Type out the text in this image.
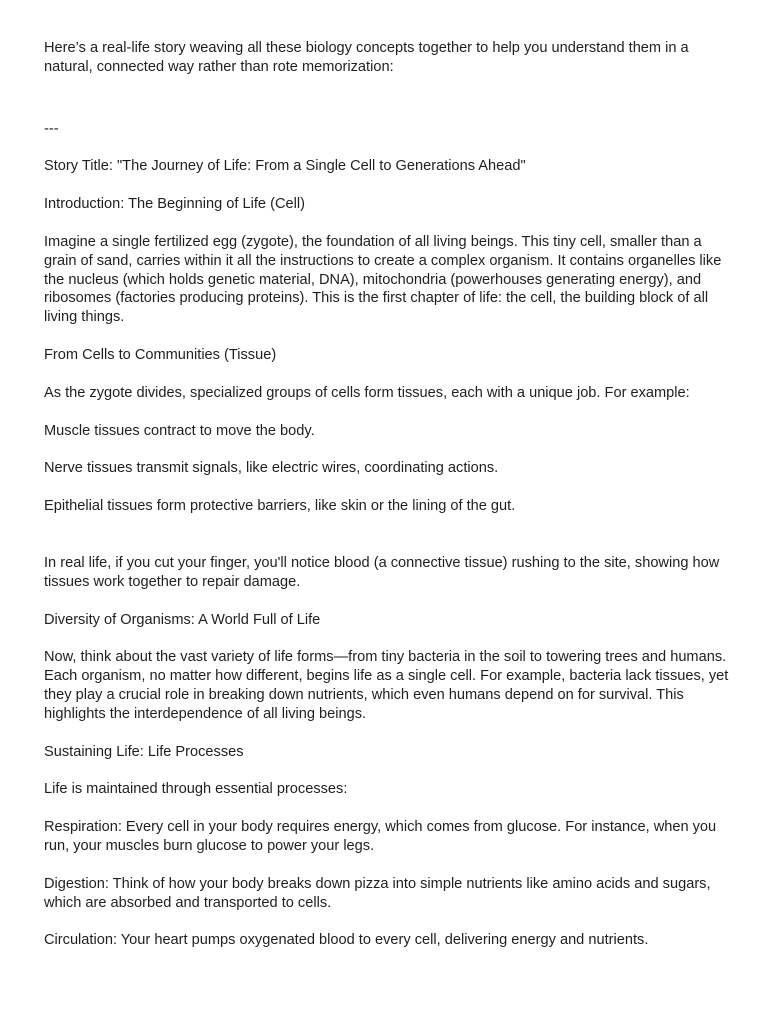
Here’s a real-life story weaving all these biology concepts together to help you understand them in a natural, connected way rather than rote memorization:

---

Story Title: "The Journey of Life: From a Single Cell to Generations Ahead"

Introduction: The Beginning of Life (Cell)

Imagine a single fertilized egg (zygote), the foundation of all living beings. This tiny cell, smaller than a grain of sand, carries within it all the instructions to create a complex organism. It contains organelles like the nucleus (which holds genetic material, DNA), mitochondria (powerhouses generating energy), and ribosomes (factories producing proteins). This is the first chapter of life: the cell, the building block of all living things.

From Cells to Communities (Tissue)

As the zygote divides, specialized groups of cells form tissues, each with a unique job. For example:

Muscle tissues contract to move the body.

Nerve tissues transmit signals, like electric wires, coordinating actions.

Epithelial tissues form protective barriers, like skin or the lining of the gut.

In real life, if you cut your finger, you'll notice blood (a connective tissue) rushing to the site, showing how tissues work together to repair damage.

Diversity of Organisms: A World Full of Life

Now, think about the vast variety of life forms—from tiny bacteria in the soil to towering trees and humans. Each organism, no matter how different, begins life as a single cell. For example, bacteria lack tissues, yet they play a crucial role in breaking down nutrients, which even humans depend on for survival. This highlights the interdependence of all living beings.

Sustaining Life: Life Processes

Life is maintained through essential processes:

Respiration: Every cell in your body requires energy, which comes from glucose. For instance, when you run, your muscles burn glucose to power your legs.

Digestion: Think of how your body breaks down pizza into simple nutrients like amino acids and sugars, which are absorbed and transported to cells.

Circulation: Your heart pumps oxygenated blood to every cell, delivering energy and nutrients.
